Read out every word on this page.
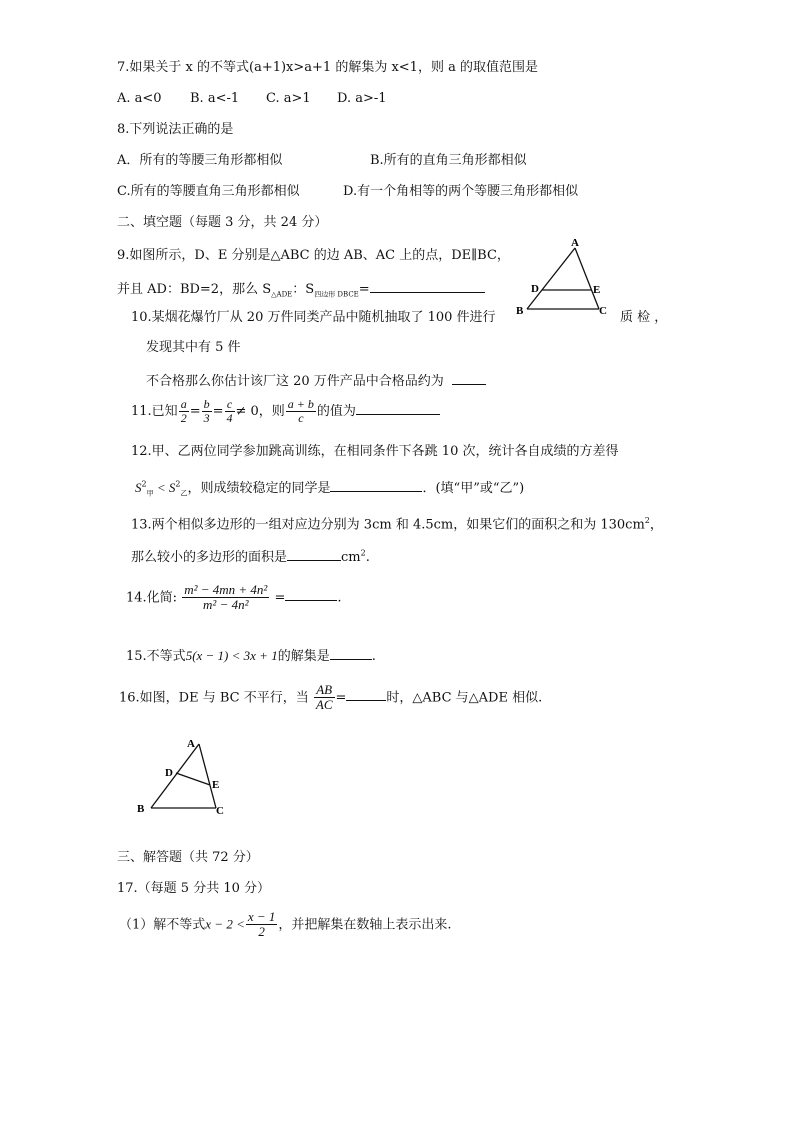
7.如果关于 x 的不等式(a+1)x>a+1 的解集为 x<1，则 a 的取值范围是
A. a<0 B. a<-1 C. a>1 D. a>-1
8.下列说法正确的是
A．所有的等腰三角形都相似	B.所有的直角三角形都相似
C.所有的等腰直角三角形都相似	D.有一个角相等的两个等腰三角形都相似
二、填空题（每题 3 分，共 24 分）
9.如图所示，D、E 分别是△ABC 的边 AB、AC 上的点，DE∥BC，
并且 AD：BD=2，那么 $S_{\triangle ADE}$：$S_{四边形 DBCE}=$
A
D	E
B	C
10.某烟花爆竹厂从 20 万件同类产品中随机抽取了 100 件进行	质 检 ，
发现其中有 5 件
不合格那么你估计该厂这 20 万件产品中合格品约为
11.已知 $\frac{a}{2} = \frac{b}{3} = \frac{c}{4} \ne 0$，则 $\frac{a + b}{c}$ 的值为
12.甲、乙两位同学参加跳高训练，在相同条件下各跳 10 次，统计各自成绩的方差得
$S^2_甲 < S^2_乙$，则成绩较稳定的同学是	．(填“甲”或“乙”)
13.两个相似多边形的一组对应边分别为 3cm 和 4.5cm，如果它们的面积之和为 $130cm^2$，
那么较小的多边形的面积是	$cm^2$.
14.化简: $\frac{\text{m² − 4mn + 4n²}}{\text{m² − 4n²}}$ =	.
15.不等式5(x − 1) < 3x + 1的解集是	.
16.如图，DE 与 BC 不平行，当 $\frac{AB}{AC}$ =	时，△ABC 与△ADE 相似.
A
D
E
B	C
三、解答题（共 72 分）
17.（每题 5 分共 10 分）
（1）解不等式$x - 2 < \frac{x - 1}{2}$ ，并把解集在数轴上表示出来.
